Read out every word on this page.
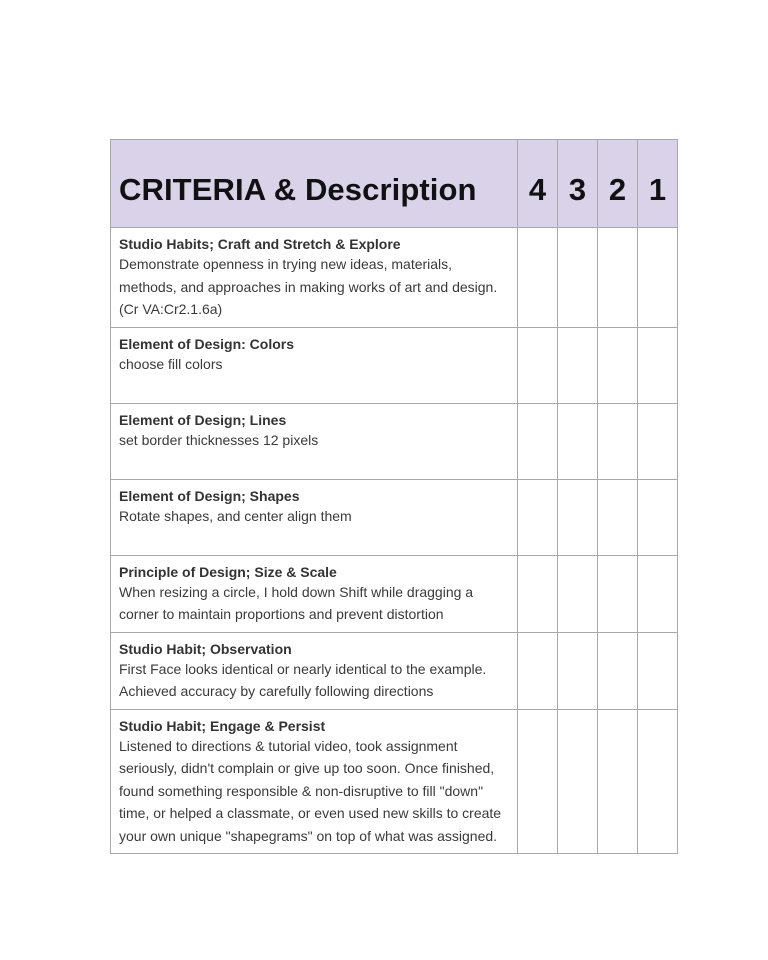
CRITERIA & Description	4	3	2	1

Studio Habits; Craft and Stretch & Explore
Demonstrate openness in trying new ideas, materials, methods, and approaches in making works of art and design. (Cr VA:Cr2.1.6a)				

Element of Design: Colors
choose fill colors				

Element of Design; Lines
set border thicknesses 12 pixels				

Element of Design; Shapes
Rotate shapes, and center align them				

Principle of Design; Size & Scale
When resizing a circle, I hold down Shift while dragging a corner to maintain proportions and prevent distortion				

Studio Habit; Observation
First Face looks identical or nearly identical to the example. Achieved accuracy by carefully following directions				

Studio Habit; Engage & Persist
Listened to directions & tutorial video, took assignment seriously, didn't complain or give up too soon. Once finished, found something responsible & non-disruptive to fill "down" time, or helped a classmate, or even used new skills to create your own unique "shapegrams" on top of what was assigned.				
